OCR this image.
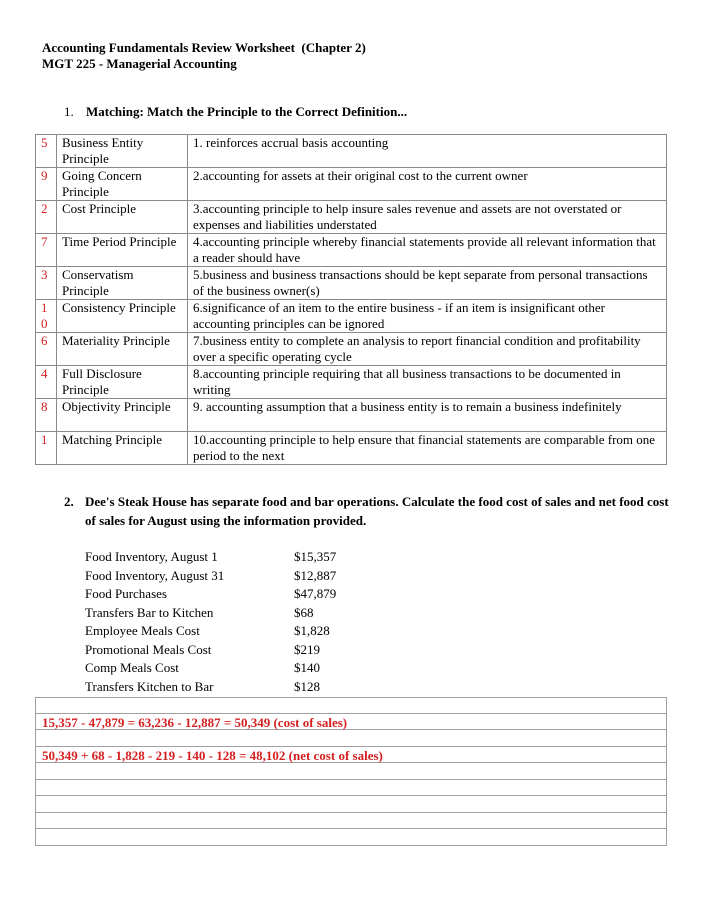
Accounting Fundamentals Review Worksheet  (Chapter 2)
MGT 225 - Managerial Accounting
1. Matching: Match the Principle to the Correct Definition...
5	Business Entity Principle	1. reinforces accrual basis accounting
9	Going Concern Principle	2.accounting for assets at their original cost to the current owner
2	Cost Principle	3.accounting principle to help insure sales revenue and assets are not overstated or expenses and liabilities understated
7	Time Period Principle	4.accounting principle whereby financial statements provide all relevant information that a reader should have
3	Conservatism Principle	5.business and business transactions should be kept separate from personal transactions of the business owner(s)
1 0	Consistency Principle	6.significance of an item to the entire business - if an item is insignificant other accounting principles can be ignored
6	Materiality Principle	7.business entity to complete an analysis to report financial condition and profitability over a specific operating cycle
4	Full Disclosure Principle	8.accounting principle requiring that all business transactions to be documented in writing
8	Objectivity Principle	9. accounting assumption that a business entity is to remain a business indefinitely
1	Matching Principle	10.accounting principle to help ensure that financial statements are comparable from one period to the next
2. Dee's Steak House has separate food and bar operations. Calculate the food cost of sales and net food cost of sales for August using the information provided.
Food Inventory, August 1	$15,357
Food Inventory, August 31	$12,887
Food Purchases	$47,879
Transfers Bar to Kitchen	$68
Employee Meals Cost	$1,828
Promotional Meals Cost	$219
Comp Meals Cost	$140
Transfers Kitchen to Bar	$128
15,357 - 47,879 = 63,236 - 12,887 = 50,349 (cost of sales)
50,349 + 68 - 1,828 - 219 - 140 - 128 = 48,102 (net cost of sales)
